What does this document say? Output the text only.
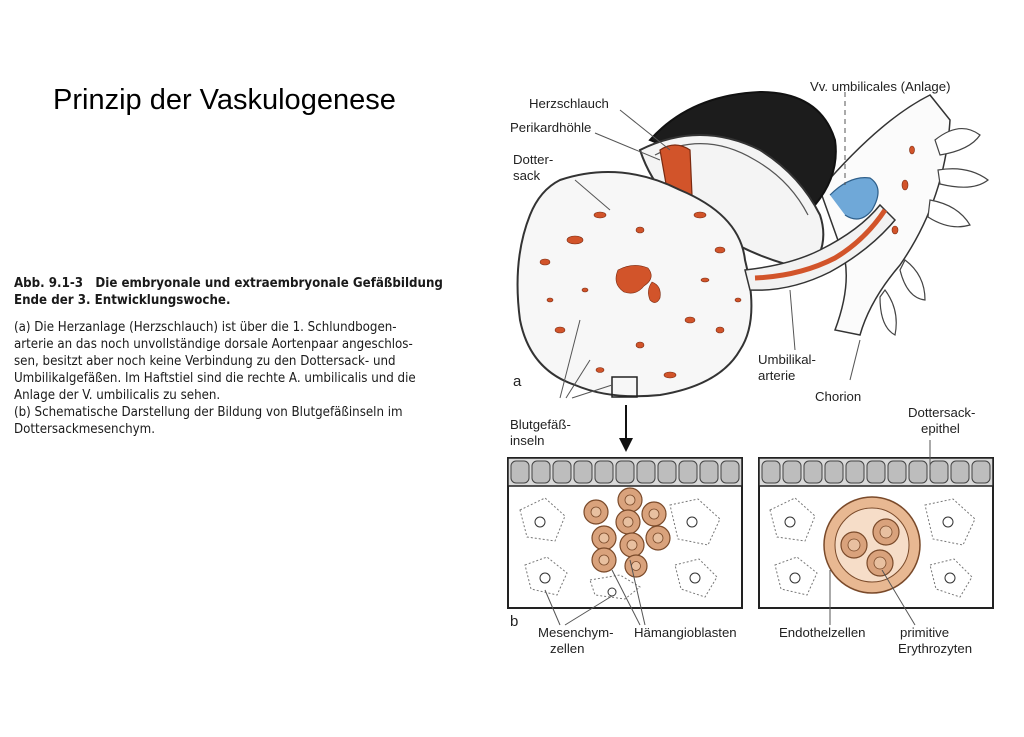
Prinzip der Vaskulogenese
Abb. 9.1-3 Die embryonale und extraembryonale Gefäßbildung
Ende der 3. Entwicklungswoche.

(a) Die Herzanlage (Herzschlauch) ist über die 1. Schlundbogen-

arterie an das noch unvollständige dorsale Aortenpaar angeschlos-

sen, besitzt aber noch keine Verbindung zu den Dottersack- und

Umbilikalgefäßen. Im Haftstiel sind die rechte A. umbilicalis und die

Anlage der V. umbilicalis zu sehen.

(b) Schematische Darstellung der Bildung von Blutgefäßinseln im

Dottersackmesenchym.

Herzschlauch
Perikardhöhle
Dotter-
sack
Vv. umbilicales (Anlage)
Umbilikal-
arterie
Chorion
a
Blutgefäß-
inseln
Dottersack-
epithel
b
Mesenchym-
zellen
Hämangioblasten	Endothelzellen	primitive
Erythrozyten
